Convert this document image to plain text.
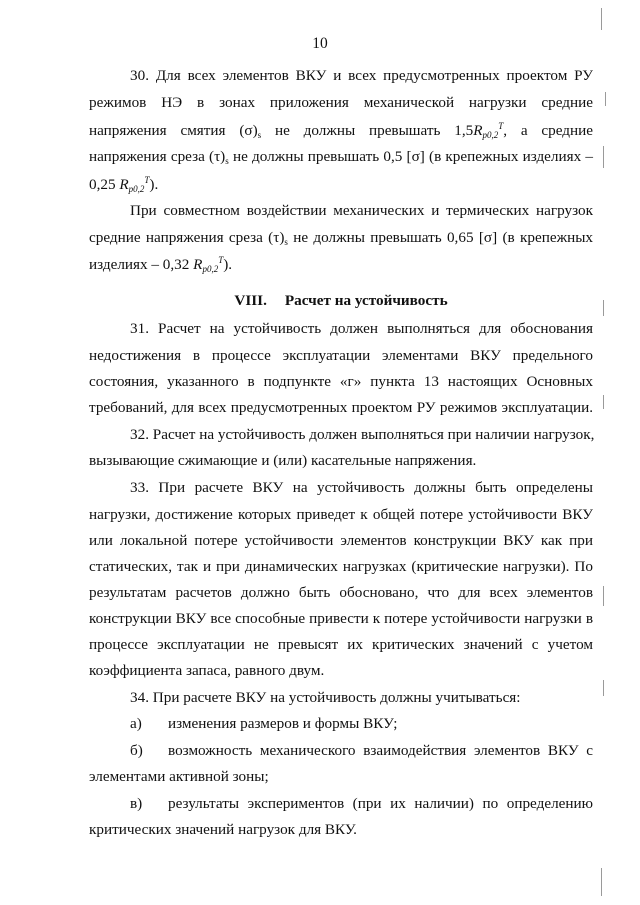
10
30. Для всех элементов ВКУ и всех предусмотренных проектом РУ
режимов НЭ в зонах приложения механической нагрузки средние
напряжения смятия $(\sigma)_s$ не должны превышать $1,5R_{p0,2}^T$, а средние
напряжения среза $(\tau)_s$ не должны превышать 0,5 [σ] (в крепежных изделиях –
0,25 $R_{p0,2}^T$).
При совместном воздействии механических и термических нагрузок
средние напряжения среза $(\tau)_s$ не должны превышать 0,65 [σ] (в крепежных
изделиях – 0,32 $R_{p0,2}^T$).
VIII. Расчет на устойчивость
31. Расчет на устойчивость должен выполняться для обоснования
недостижения в процессе эксплуатации элементами ВКУ предельного
состояния, указанного в подпункте «г» пункта 13 настоящих Основных
требований, для всех предусмотренных проектом РУ режимов эксплуатации.
32. Расчет на устойчивость должен выполняться при наличии нагрузок,
вызывающие сжимающие и (или) касательные напряжения.
33. При расчете ВКУ на устойчивость должны быть определены
нагрузки, достижение которых приведет к общей потере устойчивости ВКУ
или локальной потере устойчивости элементов конструкции ВКУ как при
статических, так и при динамических нагрузках (критические нагрузки). По
результатам расчетов должно быть обосновано, что для всех элементов
конструкции ВКУ все способные привести к потере устойчивости нагрузки в
процессе эксплуатации не превысят их критических значений с учетом
коэффициента запаса, равного двум.
34. При расчете ВКУ на устойчивость должны учитываться:
а)	изменения размеров и формы ВКУ;
б)	возможность механического взаимодействия элементов ВКУ с
элементами активной зоны;
в)	результаты экспериментов (при их наличии) по определению
критических значений нагрузок для ВКУ.
